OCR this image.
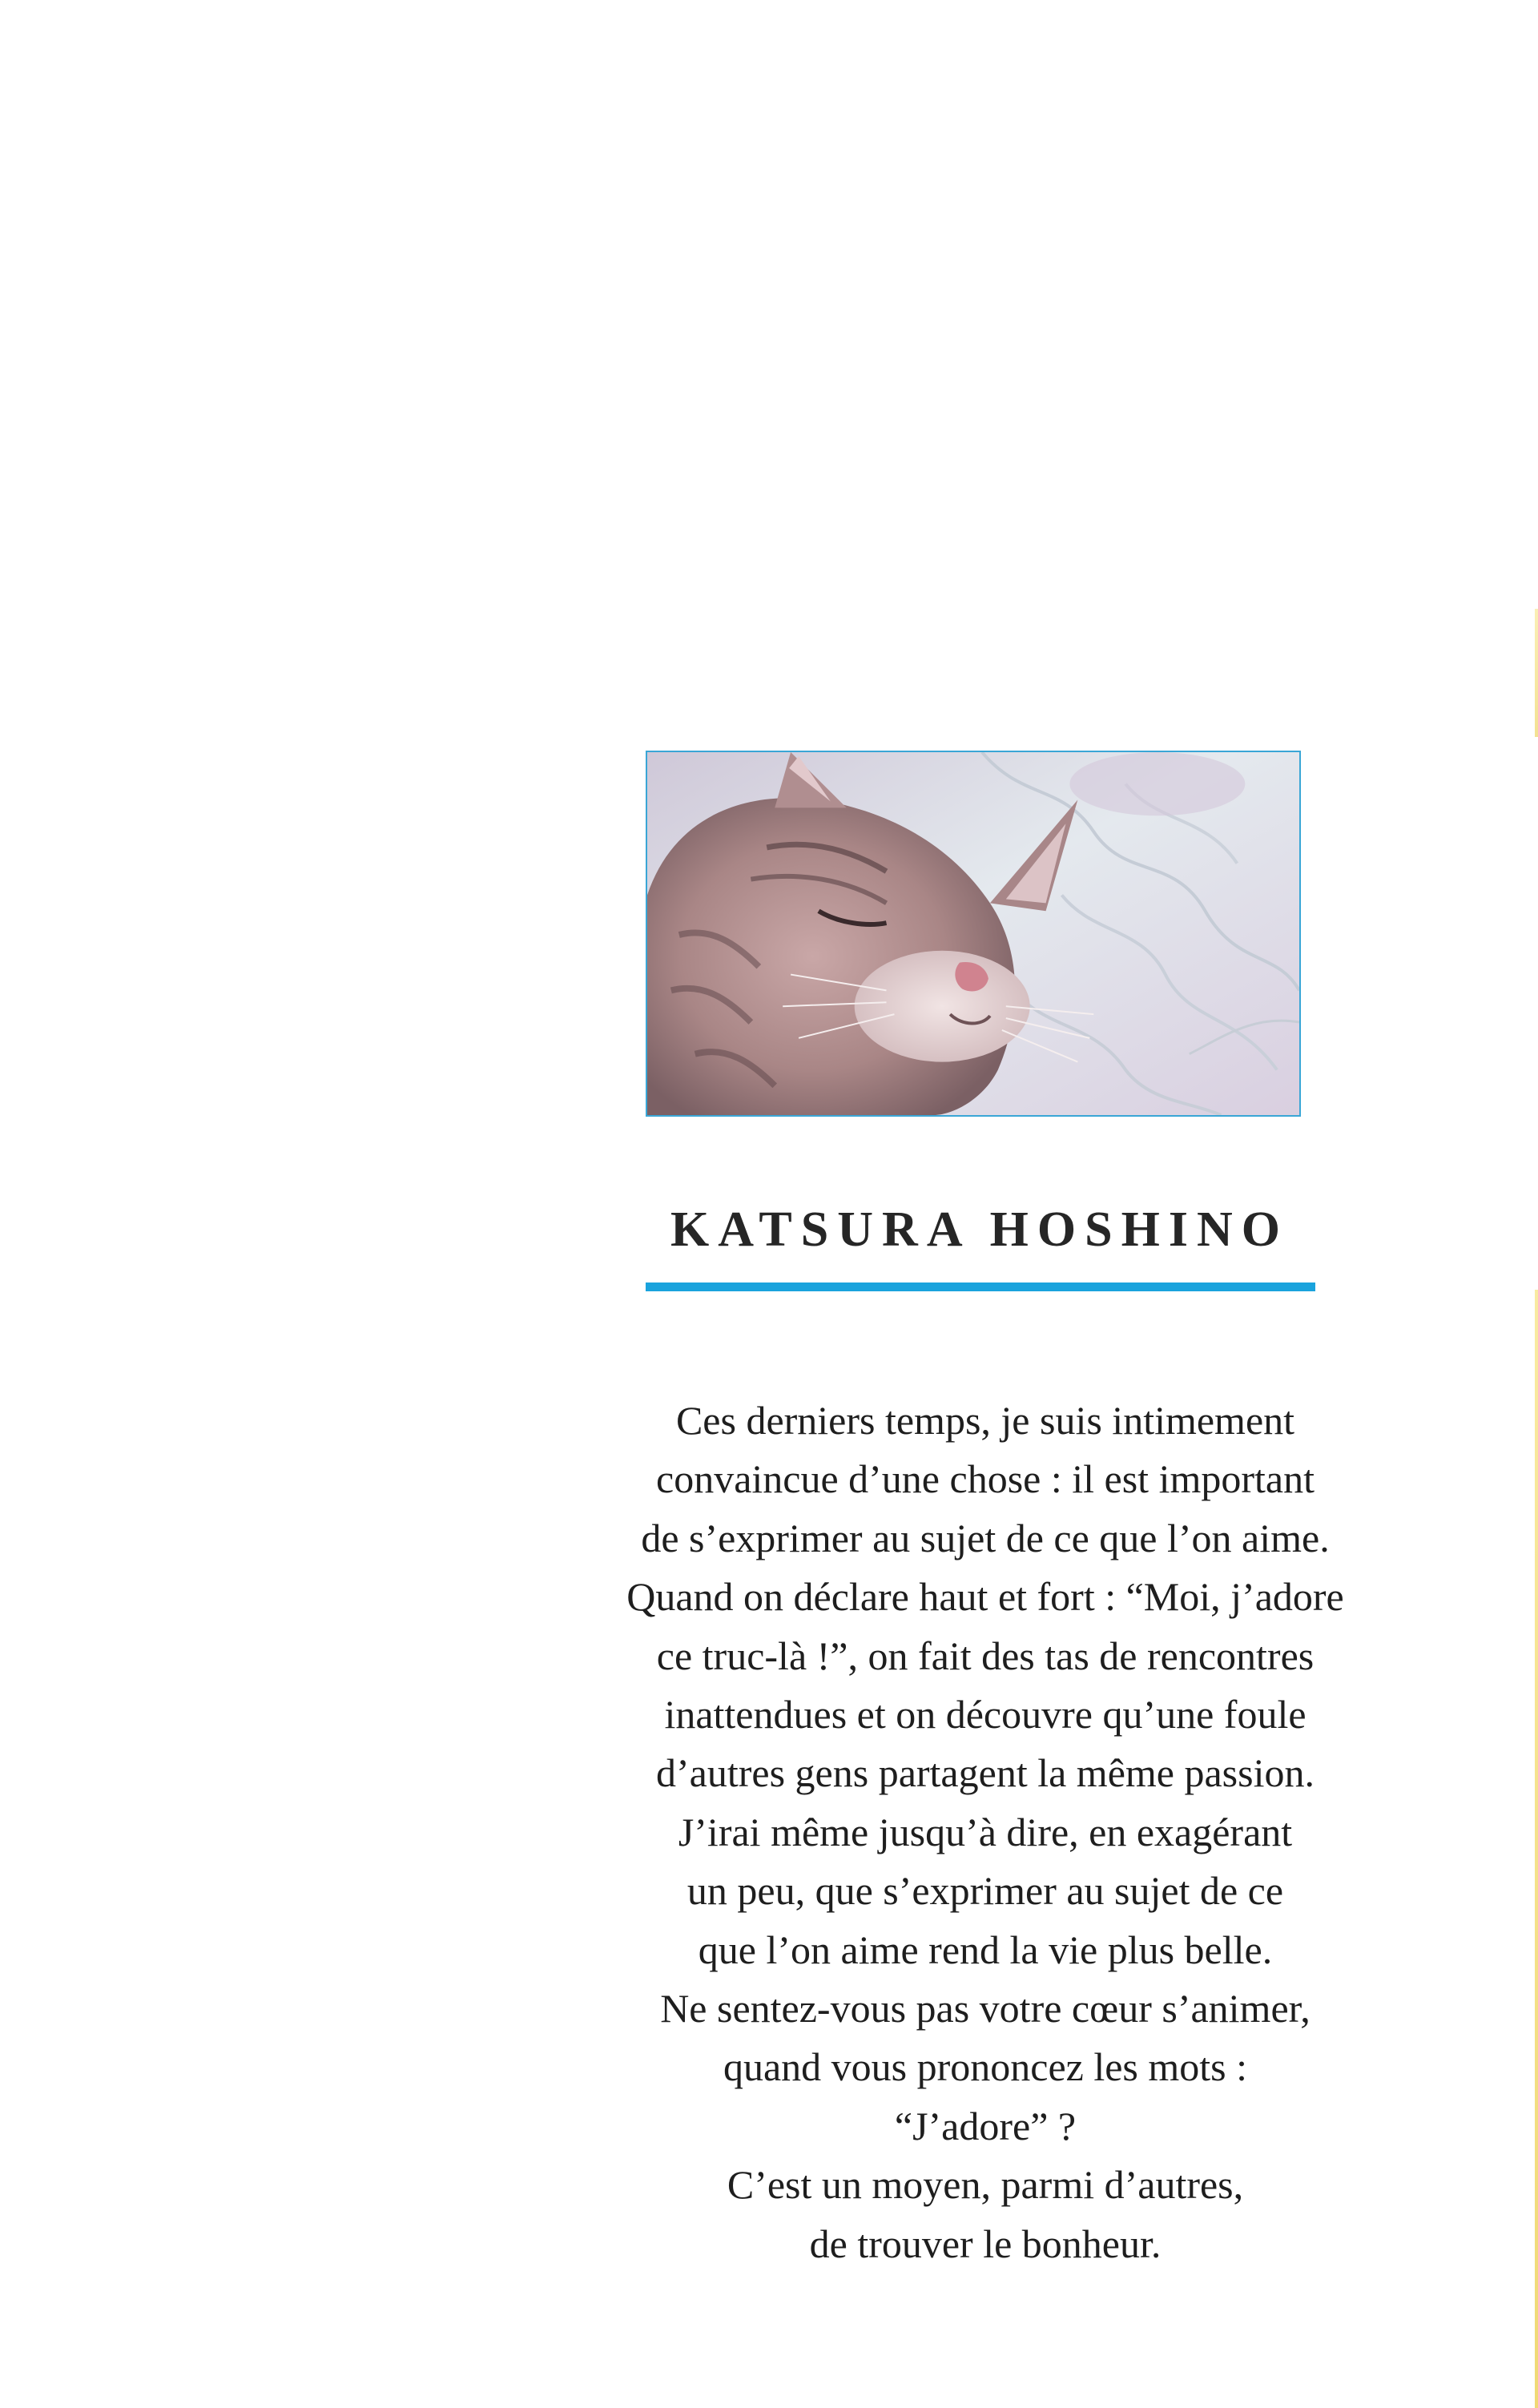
KATSURA HOSHINO
Ces derniers temps, je suis intimement
convaincue d’une chose : il est important
de s’exprimer au sujet de ce que l’on aime.
Quand on déclare haut et fort : “Moi, j’adore
ce truc-là !”, on fait des tas de rencontres
inattendues et on découvre qu’une foule
d’autres gens partagent la même passion.
J’irai même jusqu’à dire, en exagérant
un peu, que s’exprimer au sujet de ce
que l’on aime rend la vie plus belle.
Ne sentez-vous pas votre cœur s’animer,
quand vous prononcez les mots :
“J’adore” ?
C’est un moyen, parmi d’autres,
de trouver le bonheur.
